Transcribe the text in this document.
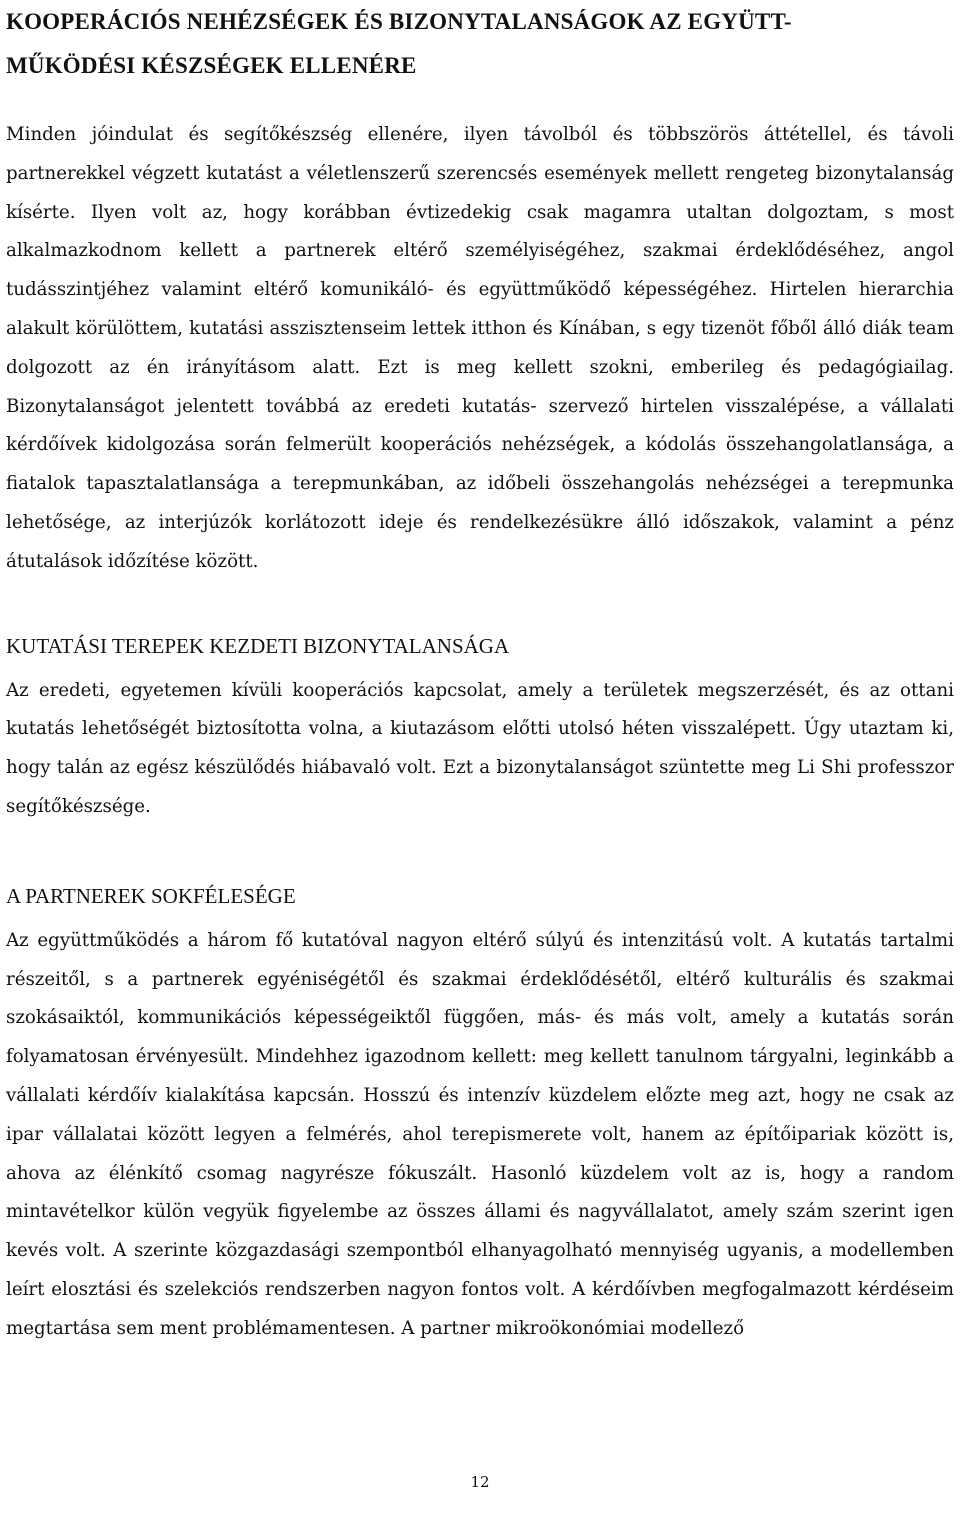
KOOPERÁCIÓS NEHÉZSÉGEK ÉS BIZONYTALANSÁGOK AZ EGYÜTT-
MŰKÖDÉSI KÉSZSÉGEK ELLENÉRE

Minden jóindulat és segítőkészség ellenére, ilyen távolból és többszörös áttétellel, és távoli partnerekkel végzett kutatást a véletlenszerű szerencsés események mellett rengeteg bizonytalanság kísérte. Ilyen volt az, hogy korábban évtizedekig csak magamra utaltan dolgoztam, s most alkalmazkodnom kellett a partnerek eltérő személyiségéhez, szakmai érdeklődéséhez, angol tudásszintjéhez valamint eltérő komunikáló- és együttműködő képességéhez. Hirtelen hierarchia alakult körülöttem, kutatási asszisztenseim lettek itthon és Kínában, s egy tizenöt főből álló diák team dolgozott az én irányításom alatt. Ezt is meg kellett szokni, emberileg és pedagógiailag. Bizonytalanságot jelentett továbbá az eredeti kutatás- szervező hirtelen visszalépése, a vállalati kérdőívek kidolgozása során felmerült kooperációs nehézségek, a kódolás összehangolatlansága, a fiatalok tapasztalatlansága a terepmunkában, az időbeli összehangolás nehézségei a terepmunka lehetősége, az interjúzók korlátozott ideje és rendelkezésükre álló időszakok, valamint a pénz átutalások időzítése között.

KUTATÁSI TEREPEK KEZDETI BIZONYTALANSÁGA

Az eredeti, egyetemen kívüli kooperációs kapcsolat, amely a területek megszerzését, és az ottani kutatás lehetőségét biztosította volna, a kiutazásom előtti utolsó héten visszalépett. Úgy utaztam ki, hogy talán az egész készülődés hiábavaló volt. Ezt a bizonytalanságot szüntette meg Li Shi professzor segítőkészsége.

A PARTNEREK SOKFÉLESÉGE

Az együttműködés a három fő kutatóval nagyon eltérő súlyú és intenzitású volt. A kutatás tartalmi részeitől, s a partnerek egyéniségétől és szakmai érdeklődésétől, eltérő kulturális és szakmai szokásaiktól, kommunikációs képességeiktől függően, más- és más volt, amely a kutatás során folyamatosan érvényesült. Mindehhez igazodnom kellett: meg kellett tanulnom tárgyalni, leginkább a vállalati kérdőív kialakítása kapcsán. Hosszú és intenzív küzdelem előzte meg azt, hogy ne csak az ipar vállalatai között legyen a felmérés, ahol terepismerete volt, hanem az építőipariak között is, ahova az élénkítő csomag nagyrésze fókuszált. Hasonló küzdelem volt az is, hogy a random mintavételkor külön vegyük figyelembe az összes állami és nagyvállalatot, amely szám szerint igen kevés volt. A szerinte közgazdasági szempontból elhanyagolható mennyiség ugyanis, a modellemben leírt elosztási és szelekciós rendszerben nagyon fontos volt. A kérdőívben megfogalmazott kérdéseim megtartása sem ment problémamentesen. A partner mikroökonómiai modellező

12
